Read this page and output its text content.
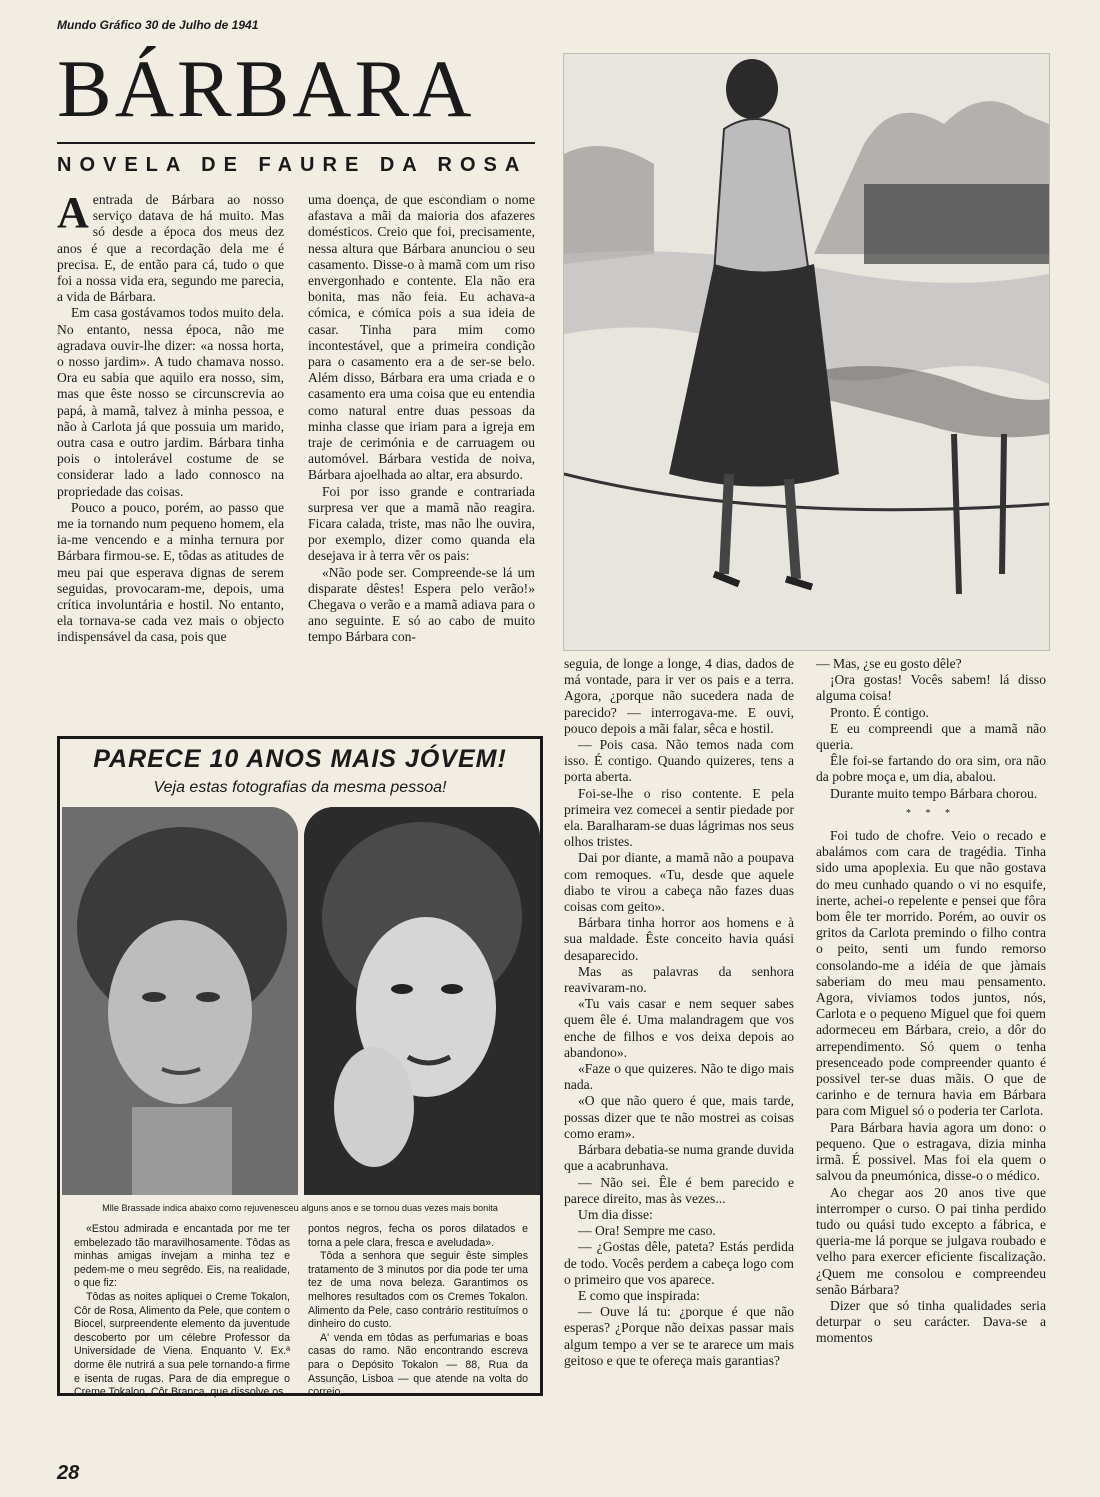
Mundo Gráfico 30 de Julho de 1941
BÁRBARA
NOVELA DE FAURE DA ROSA

Aentrada de Bárbara ao nosso serviço datava de há muito. Mas só desde a época dos meus dez anos é que a recordação dela me é precisa. E, de então para cá, tudo o que foi a nossa vida era, segundo me parecia, a vida de Bárbara.

Em casa gostávamos todos muito dela. No entanto, nessa época, não me agradava ouvir-lhe dizer: «a nossa horta, o nosso jardim». A tudo chamava nosso. Ora eu sabia que aquilo era nosso, sim, mas que êste nosso se circunscrevia ao papá, à mamã, talvez à minha pessoa, e não à Carlota já que possuia um marido, outra casa e outro jardim. Bárbara tinha pois o intolerável costume de se considerar lado a lado connosco na propriedade das coisas.

Pouco a pouco, porém, ao passo que me ia tornando num pequeno homem, ela ia-me vencendo e a minha ternura por Bárbara firmou-se. E, tôdas as atitudes de meu pai que esperava dignas de serem seguidas, provocaram-me, depois, uma crítica involuntária e hostil. No entanto, ela tornava-se cada vez mais o objecto indispensável da casa, pois que

uma doença, de que escondiam o nome afastava a mãi da maioria dos afazeres domésticos. Creio que foi, precisamente, nessa altura que Bárbara anunciou o seu casamento. Disse-o à mamã com um riso envergonhado e contente. Ela não era bonita, mas não feia. Eu achava-a cómica, e cómica pois a sua ideia de casar. Tinha para mim como incontestável, que a primeira condição para o casamento era a de ser-se belo. Além disso, Bárbara era uma criada e o casamento era uma coisa que eu entendia como natural entre duas pessoas da minha classe que iriam para a igreja em traje de cerimónia e de carruagem ou automóvel. Bárbara vestida de noiva, Bárbara ajoelhada ao altar, era absurdo.

Foi por isso grande e contrariada surpresa ver que a mamã não reagira. Ficara calada, triste, mas não lhe ouvira, por exemplo, dizer como quanda ela desejava ir à terra vêr os pais:

«Não pode ser. Compreende-se lá um disparate dêstes! Espera pelo verão!» Chegava o verão e a mamã adiava para o ano seguinte. E só ao cabo de muito tempo Bárbara con-

seguia, de longe a longe, 4 dias, dados de má vontade, para ir ver os pais e a terra. Agora, ¿porque não sucedera nada de parecido? — interrogava-me. E ouvi, pouco depois a mãi falar, sêca e hostil.

— Pois casa. Não temos nada com isso. É contigo. Quando quizeres, tens a porta aberta.

Foi-se-lhe o riso contente. E pela primeira vez comecei a sentir piedade por ela. Baralharam-se duas lágrimas nos seus olhos tristes.

Dai por diante, a mamã não a poupava com remoques. «Tu, desde que aquele diabo te virou a cabeça não fazes duas coisas com geito».

Bárbara tinha horror aos homens e à sua maldade. Êste conceito havia quási desaparecido.

Mas as palavras da senhora reavivaram-no.

«Tu vais casar e nem sequer sabes quem êle é. Uma malandragem que vos enche de filhos e vos deixa depois ao abandono».

«Faze o que quizeres. Não te digo mais nada.

«O que não quero é que, mais tarde, possas dizer que te não mostrei as coisas como eram».

Bárbara debatia-se numa grande duvida que a acabrunhava.

— Não sei. Êle é bem parecido e parece direito, mas às vezes...

Um dia disse:

— Ora! Sempre me caso.

— ¿Gostas dêle, pateta? Estás perdida de todo. Vocês perdem a cabeça logo com o primeiro que vos aparece.

E como que inspirada:

— Ouve lá tu: ¿porque é que não esperas? ¿Porque não deixas passar mais algum tempo a ver se te ararece um mais geitoso e que te ofereça mais garantias?

— Mas, ¿se eu gosto dêle?

¡Ora gostas! Vocês sabem! lá disso alguma coisa!

Pronto. É contigo.

E eu compreendi que a mamã não queria.

Êle foi-se fartando do ora sim, ora não da pobre moça e, um dia, abalou.

Durante muito tempo Bárbara chorou.

* * *

Foi tudo de chofre. Veio o recado e abalámos com cara de tragédia. Tinha sido uma apoplexia. Eu que não gostava do meu cunhado quando o vi no esquife, inerte, achei-o repelente e pensei que fôra bom êle ter morrido. Porém, ao ouvir os gritos da Carlota premindo o filho contra o peito, senti um fundo remorso consolando-me a idéia de que jàmais saberiam do meu mau pensamento. Agora, viviamos todos juntos, nós, Carlota e o pequeno Miguel que foi quem adormeceu em Bárbara, creio, a dôr do arrependimento. Só quem o tenha presenceado pode compreender quanto é possivel ter-se duas mãis. O que de carinho e de ternura havia em Bárbara para com Miguel só o poderia ter Carlota.

Para Bárbara havia agora um dono: o pequeno. Que o estragava, dizia minha irmã. É possivel. Mas foi ela quem o salvou da pneumónica, disse-o o médico.

Ao chegar aos 20 anos tive que interromper o curso. O pai tinha perdido tudo ou quási tudo excepto a fábrica, e queria-me lá porque se julgava roubado e velho para exercer eficiente fiscalização. ¿Quem me consolou e compreendeu senão Bárbara?

Dizer que só tinha qualidades seria deturpar o seu carácter. Dava-se a momentos

PARECE 10 ANOS MAIS JÓVEM!
Veja estas fotografias da mesma pessoa!
Mlle Brassade indica abaixo como rejuvenesceu alguns anos e se tornou duas vezes mais bonita

«Estou admirada e encantada por me ter embelezado tão maravilhosamente. Tôdas as minhas amigas invejam a minha tez e pedem-me o meu segrêdo. Eis, na realidade, o que fiz:

Tôdas as noites apliquei o Creme Tokalon, Côr de Rosa, Alimento da Pele, que contem o Biocel, surpreendente elemento da juventude descoberto por um célebre Professor da Universidade de Viena. Enquanto V. Ex.ª dorme êle nutrirá a sua pele tornando-a firme e isenta de rugas. Para de dia empregue o Creme Tokalon, Côr Branca, que dissolve os

pontos negros, fecha os poros dilatados e torna a pele clara, fresca e aveludada».

Tôda a senhora que seguir êste simples tratamento de 3 minutos por dia pode ter uma tez de uma nova beleza. Garantimos os melhores resultados com os Cremes Tokalon. Alimento da Pele, caso contrário restituímos o dinheiro do custo.

A' venda em tôdas as perfumarias e boas casas do ramo. Não encontrando escreva para o Depósito Tokalon — 88, Rua da Assunção, Lisboa — que atende na volta do correio.

28
